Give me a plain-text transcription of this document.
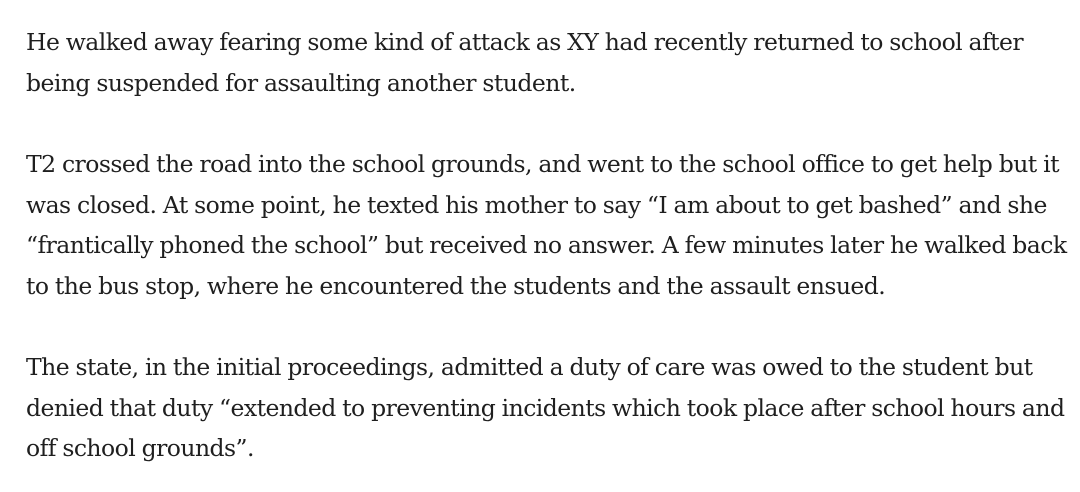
He walked away fearing some kind of attack as XY had recently returned to school after being suspended for assaulting another student.

T2 crossed the road into the school grounds, and went to the school office to get help but it was closed. At some point, he texted his mother to say “I am about to get bashed” and she “frantically phoned the school” but received no answer. A few minutes later he walked back to the bus stop, where he encountered the students and the assault ensued.

The state, in the initial proceedings, admitted a duty of care was owed to the student but denied that duty “extended to preventing incidents which took place after school hours and off school grounds”.
